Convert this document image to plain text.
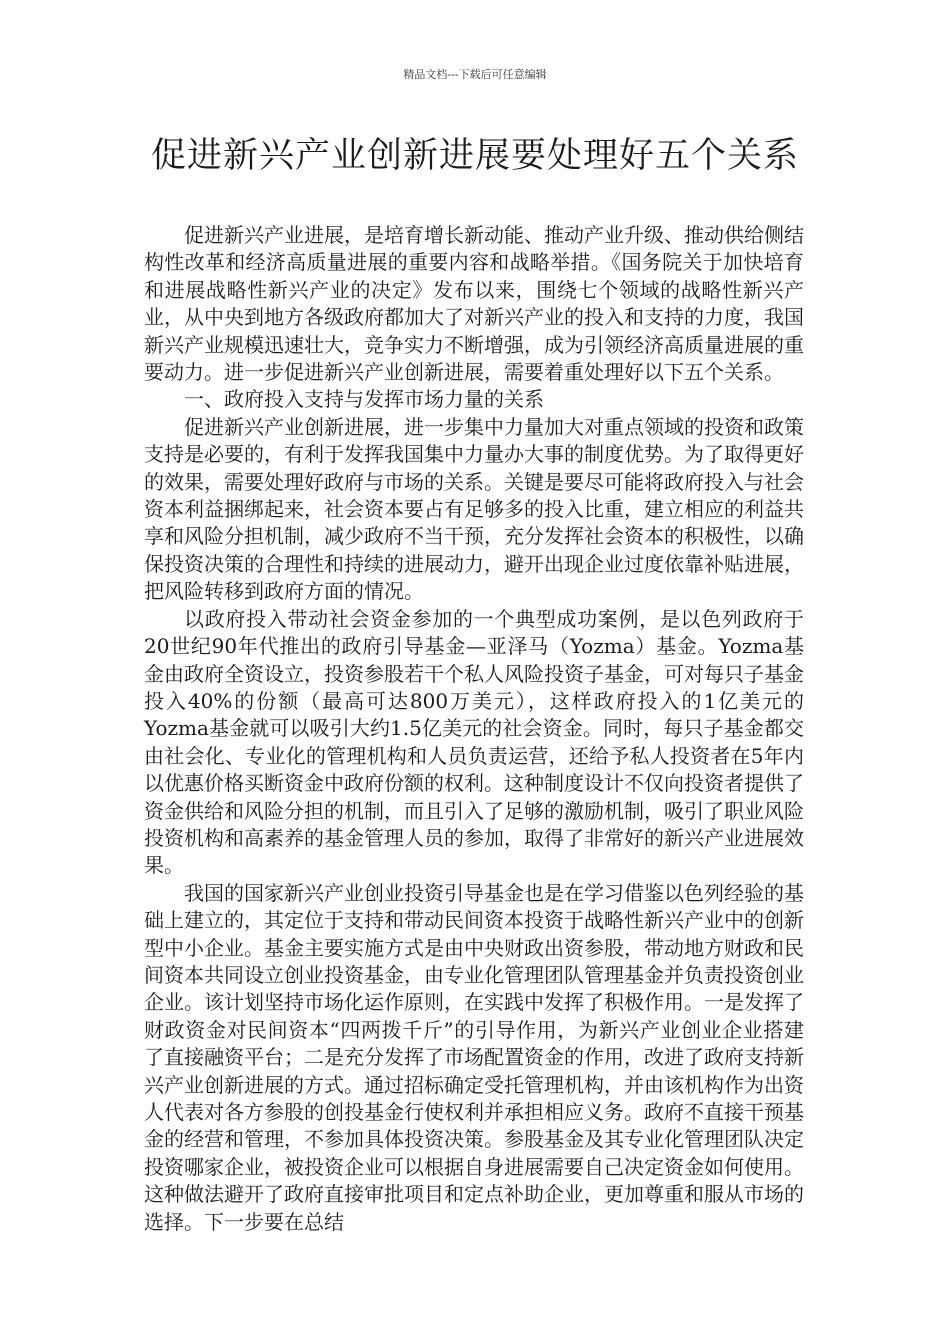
精品文档---下载后可任意编辑
促进新兴产业创新进展要处理好五个关系

促进新兴产业进展，是培育增长新动能、推动产业升级、推动供给侧结构性改革和经济高质量进展的重要内容和战略举措。《国务院关于加快培育和进展战略性新兴产业的决定》发布以来，围绕七个领域的战略性新兴产业，从中央到地方各级政府都加大了对新兴产业的投入和支持的力度，我国新兴产业规模迅速壮大，竞争实力不断增强，成为引领经济高质量进展的重要动力。进一步促进新兴产业创新进展，需要着重处理好以下五个关系。

一、政府投入支持与发挥市场力量的关系

促进新兴产业创新进展，进一步集中力量加大对重点领域的投资和政策支持是必要的，有利于发挥我国集中力量办大事的制度优势。为了取得更好的效果，需要处理好政府与市场的关系。关键是要尽可能将政府投入与社会资本利益捆绑起来，社会资本要占有足够多的投入比重，建立相应的利益共享和风险分担机制，减少政府不当干预，充分发挥社会资本的积极性，以确保投资决策的合理性和持续的进展动力，避开出现企业过度依靠补贴进展，把风险转移到政府方面的情况。

以政府投入带动社会资金参加的一个典型成功案例，是以色列政府于20世纪90年代推出的政府引导基金—亚泽马（Yozma）基金。Yozma基金由政府全资设立，投资参股若干个私人风险投资子基金，可对每只子基金投入40%的份额（最高可达800万美元），这样政府投入的1亿美元的Yozma基金就可以吸引大约1.5亿美元的社会资金。同时，每只子基金都交由社会化、专业化的管理机构和人员负责运营，还给予私人投资者在5年内以优惠价格买断资金中政府份额的权利。这种制度设计不仅向投资者提供了资金供给和风险分担的机制，而且引入了足够的激励机制，吸引了职业风险投资机构和高素养的基金管理人员的参加，取得了非常好的新兴产业进展效果。

我国的国家新兴产业创业投资引导基金也是在学习借鉴以色列经验的基础上建立的，其定位于支持和带动民间资本投资于战略性新兴产业中的创新型中小企业。基金主要实施方式是由中央财政出资参股，带动地方财政和民间资本共同设立创业投资基金，由专业化管理团队管理基金并负责投资创业企业。该计划坚持市场化运作原则，在实践中发挥了积极作用。一是发挥了财政资金对民间资本“四两拨千斤”的引导作用，为新兴产业创业企业搭建了直接融资平台；二是充分发挥了市场配置资金的作用，改进了政府支持新兴产业创新进展的方式。通过招标确定受托管理机构，并由该机构作为出资人代表对各方参股的创投基金行使权利并承担相应义务。政府不直接干预基金的经营和管理，不参加具体投资决策。参股基金及其专业化管理团队决定投资哪家企业，被投资企业可以根据自身进展需要自己决定资金如何使用。这种做法避开了政府直接审批项目和定点补助企业，更加尊重和服从市场的选择。下一步要在总结
